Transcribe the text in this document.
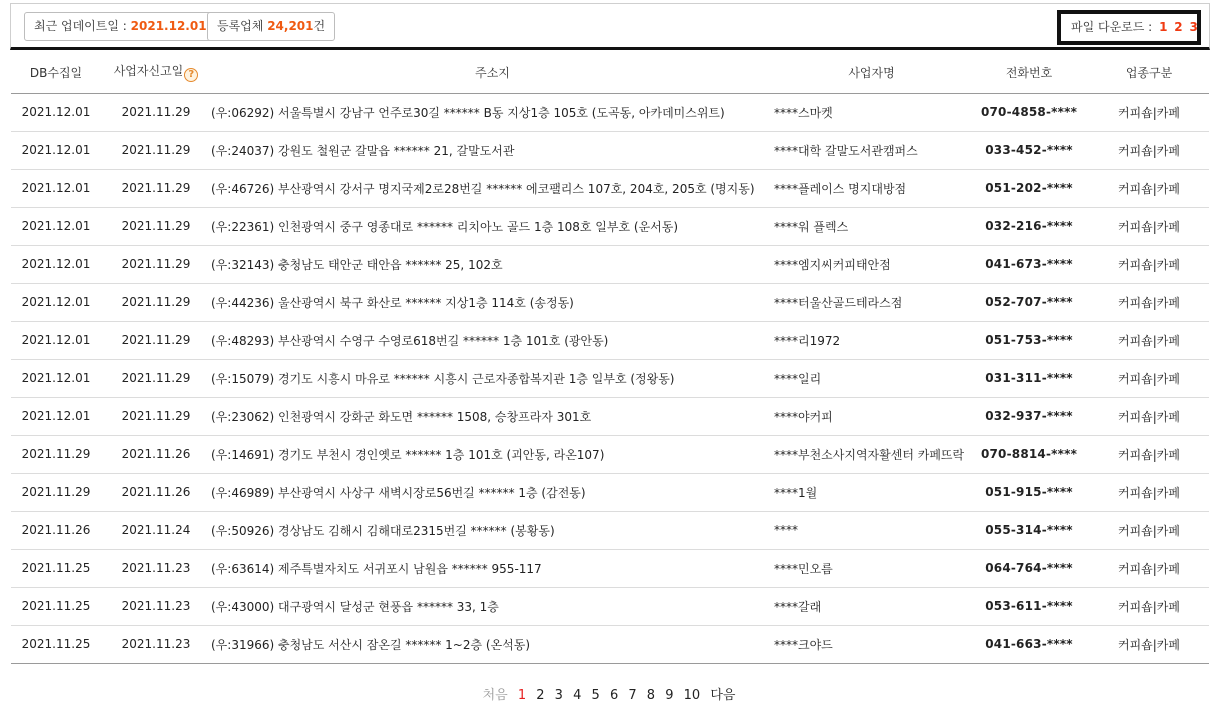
최근 업데이트일 : 2021.12.01 등록업체 24,201건	파일 다운로드 : 1 2 3
DB수집일	사업자신고일 ?	주소지	사업자명	전화번호	업종구분
2021.12.01	2021.11.29	(우:06292) 서울특별시 강남구 언주로30길 ****** B동 지상1층 105호 (도곡동, 아카데미스위트)	****스마켓	070-4858-****	커피숍|카페
2021.12.01	2021.11.29	(우:24037) 강원도 철원군 갈말읍 ****** 21, 갈말도서관	****대학 갈말도서관캠퍼스	033-452-****	커피숍|카페
2021.12.01	2021.11.29	(우:46726) 부산광역시 강서구 명지국제2로28번길 ****** 에코팰리스 107호, 204호, 205호 (명지동)	****플레이스 명지대방점	051-202-****	커피숍|카페
2021.12.01	2021.11.29	(우:22361) 인천광역시 중구 영종대로 ****** 리치아노 골드 1층 108호 일부호 (운서동)	****워 플렉스	032-216-****	커피숍|카페
2021.12.01	2021.11.29	(우:32143) 충청남도 태안군 태안읍 ****** 25, 102호	****엠지씨커피태안점	041-673-****	커피숍|카페
2021.12.01	2021.11.29	(우:44236) 울산광역시 북구 화산로 ****** 지상1층 114호 (송정동)	****터울산골드테라스점	052-707-****	커피숍|카페
2021.12.01	2021.11.29	(우:48293) 부산광역시 수영구 수영로618번길 ****** 1층 101호 (광안동)	****리1972	051-753-****	커피숍|카페
2021.12.01	2021.11.29	(우:15079) 경기도 시흥시 마유로 ****** 시흥시 근로자종합복지관 1층 일부호 (정왕동)	****일리	031-311-****	커피숍|카페
2021.12.01	2021.11.29	(우:23062) 인천광역시 강화군 화도면 ****** 1508, 승창프라자 301호	****야커피	032-937-****	커피숍|카페
2021.11.29	2021.11.26	(우:14691) 경기도 부천시 경인옛로 ****** 1층 101호 (괴안동, 라온107)	****부천소사지역자활센터 카페뜨락	070-8814-****	커피숍|카페
2021.11.29	2021.11.26	(우:46989) 부산광역시 사상구 새벽시장로56번길 ****** 1층 (감전동)	****1월	051-915-****	커피숍|카페
2021.11.26	2021.11.24	(우:50926) 경상남도 김해시 김해대로2315번길 ****** (봉황동)	****	055-314-****	커피숍|카페
2021.11.25	2021.11.23	(우:63614) 제주특별자치도 서귀포시 남원읍 ****** 955-117	****민오름	064-764-****	커피숍|카페
2021.11.25	2021.11.23	(우:43000) 대구광역시 달성군 현풍읍 ****** 33, 1층	****갈래	053-611-****	커피숍|카페
2021.11.25	2021.11.23	(우:31966) 충청남도 서산시 잠온길 ****** 1~2층 (온석동)	****크야드	041-663-****	커피숍|카페
처음 1 2 3 4 5 6 7 8 9 10 다음
